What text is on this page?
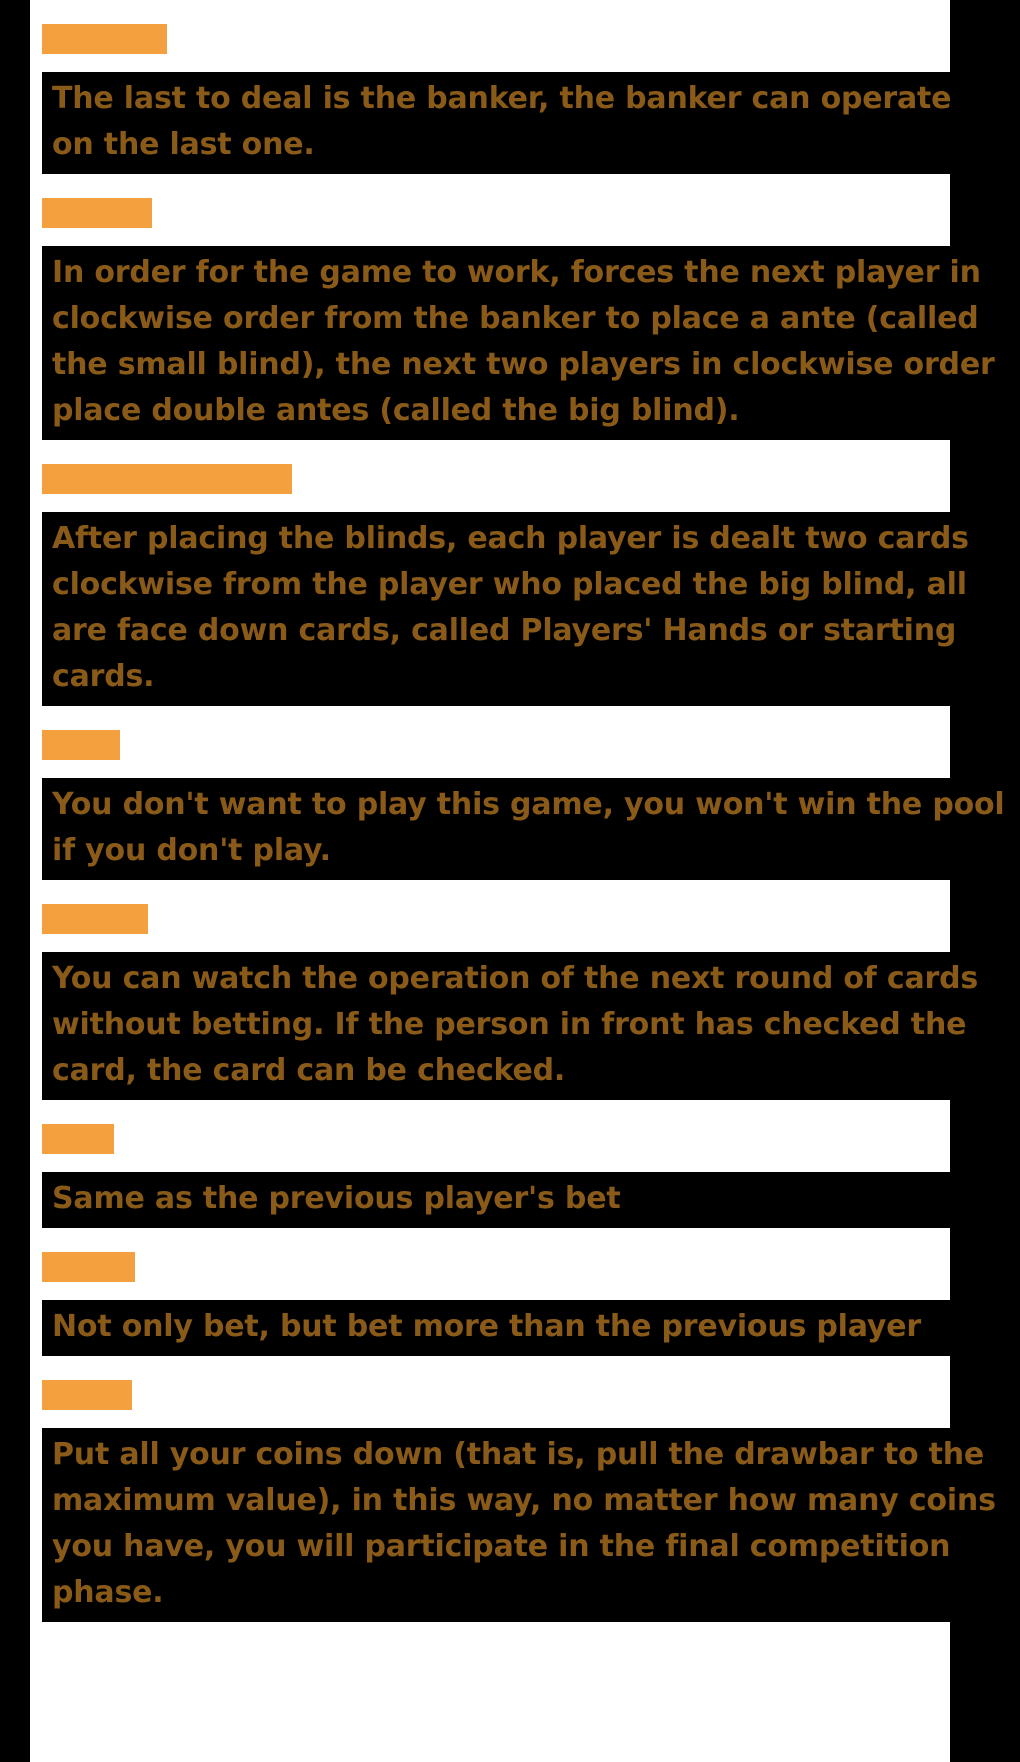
The last to deal is the banker, the banker can operate
on the last one.
In order for the game to work, forces the next player in
clockwise order from the banker to place a ante (called
the small blind), the next two players in clockwise order
place double antes (called the big blind).
After placing the blinds, each player is dealt two cards
clockwise from the player who placed the big blind, all
are face down cards, called Players' Hands or starting
cards.
You don't want to play this game, you won't win the pool
if you don't play.
You can watch the operation of the next round of cards
without betting. If the person in front has checked the
card, the card can be checked.
Same as the previous player's bet
Not only bet, but bet more than the previous player
Put all your coins down (that is, pull the drawbar to the
maximum value), in this way, no matter how many coins
you have, you will participate in the final competition
phase.
